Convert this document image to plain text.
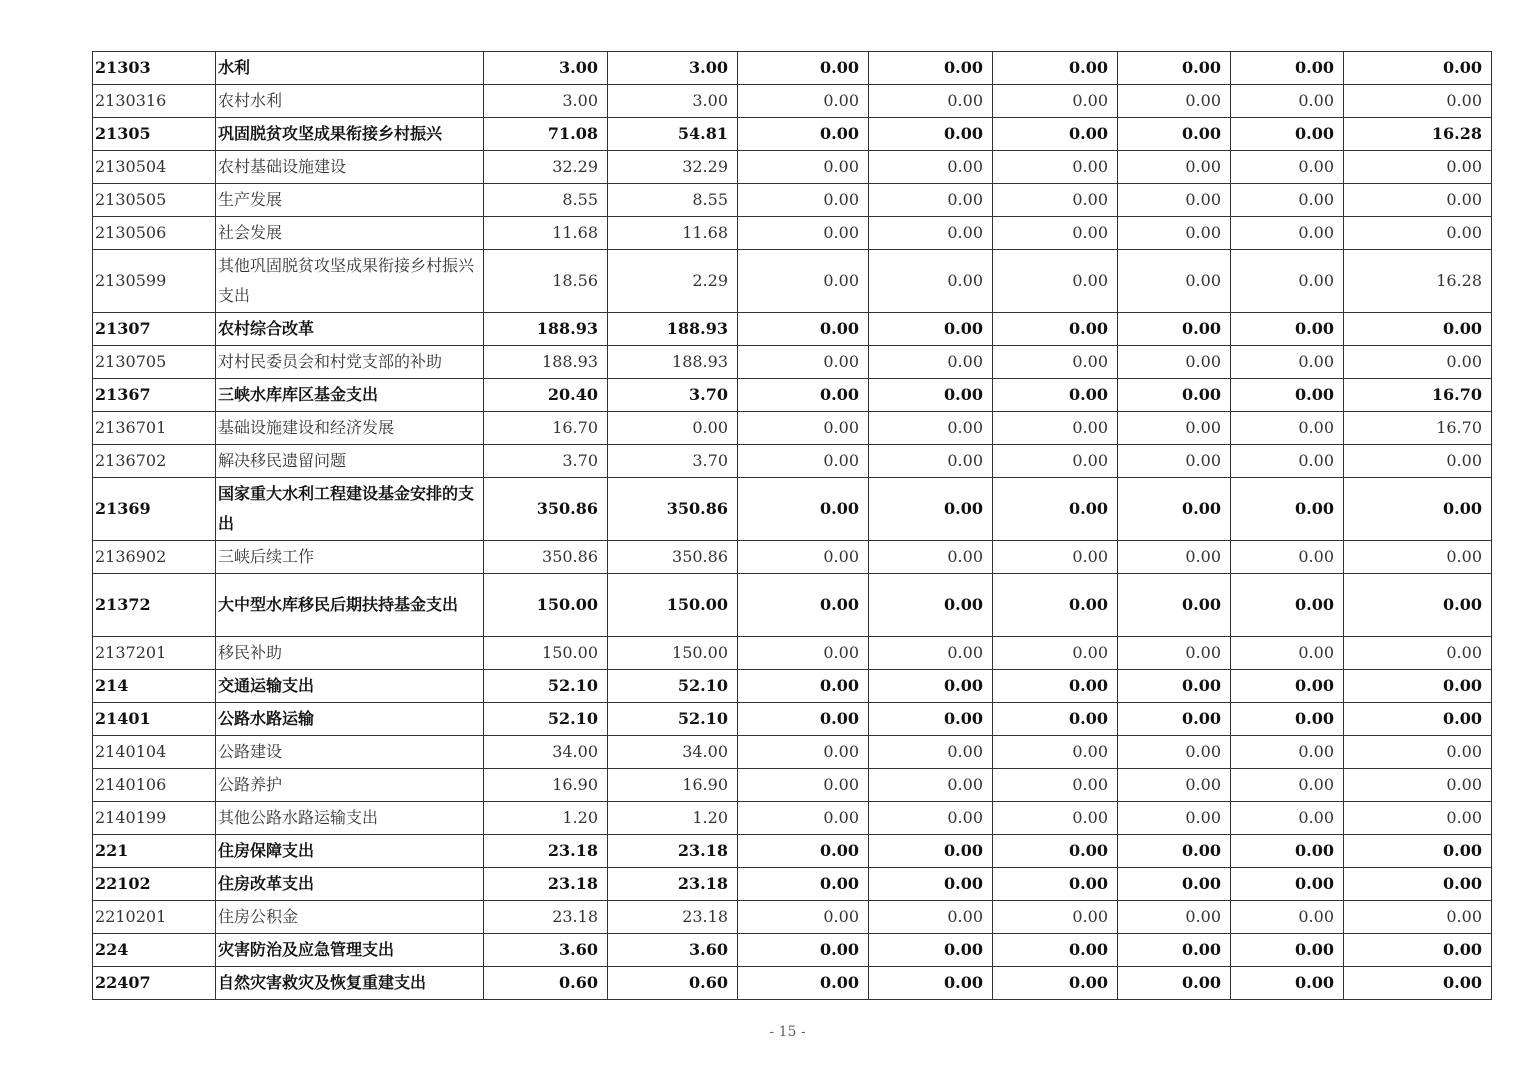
21303	水利	3.00	3.00	0.00	0.00	0.00	0.00	0.00	0.00
2130316	农村水利	3.00	3.00	0.00	0.00	0.00	0.00	0.00	0.00
21305	巩固脱贫攻坚成果衔接乡村振兴	71.08	54.81	0.00	0.00	0.00	0.00	0.00	16.28
2130504	农村基础设施建设	32.29	32.29	0.00	0.00	0.00	0.00	0.00	0.00
2130505	生产发展	8.55	8.55	0.00	0.00	0.00	0.00	0.00	0.00
2130506	社会发展	11.68	11.68	0.00	0.00	0.00	0.00	0.00	0.00
2130599	其他巩固脱贫攻坚成果衔接乡村振兴支出	18.56	2.29	0.00	0.00	0.00	0.00	0.00	16.28
21307	农村综合改革	188.93	188.93	0.00	0.00	0.00	0.00	0.00	0.00
2130705	对村民委员会和村党支部的补助	188.93	188.93	0.00	0.00	0.00	0.00	0.00	0.00
21367	三峡水库库区基金支出	20.40	3.70	0.00	0.00	0.00	0.00	0.00	16.70
2136701	基础设施建设和经济发展	16.70	0.00	0.00	0.00	0.00	0.00	0.00	16.70
2136702	解决移民遗留问题	3.70	3.70	0.00	0.00	0.00	0.00	0.00	0.00
21369	国家重大水利工程建设基金安排的支出	350.86	350.86	0.00	0.00	0.00	0.00	0.00	0.00
2136902	三峡后续工作	350.86	350.86	0.00	0.00	0.00	0.00	0.00	0.00
21372	大中型水库移民后期扶持基金支出	150.00	150.00	0.00	0.00	0.00	0.00	0.00	0.00
2137201	移民补助	150.00	150.00	0.00	0.00	0.00	0.00	0.00	0.00
214	交通运输支出	52.10	52.10	0.00	0.00	0.00	0.00	0.00	0.00
21401	公路水路运输	52.10	52.10	0.00	0.00	0.00	0.00	0.00	0.00
2140104	公路建设	34.00	34.00	0.00	0.00	0.00	0.00	0.00	0.00
2140106	公路养护	16.90	16.90	0.00	0.00	0.00	0.00	0.00	0.00
2140199	其他公路水路运输支出	1.20	1.20	0.00	0.00	0.00	0.00	0.00	0.00
221	住房保障支出	23.18	23.18	0.00	0.00	0.00	0.00	0.00	0.00
22102	住房改革支出	23.18	23.18	0.00	0.00	0.00	0.00	0.00	0.00
2210201	住房公积金	23.18	23.18	0.00	0.00	0.00	0.00	0.00	0.00
224	灾害防治及应急管理支出	3.60	3.60	0.00	0.00	0.00	0.00	0.00	0.00
22407	自然灾害救灾及恢复重建支出	0.60	0.60	0.00	0.00	0.00	0.00	0.00	0.00
- 15 -
